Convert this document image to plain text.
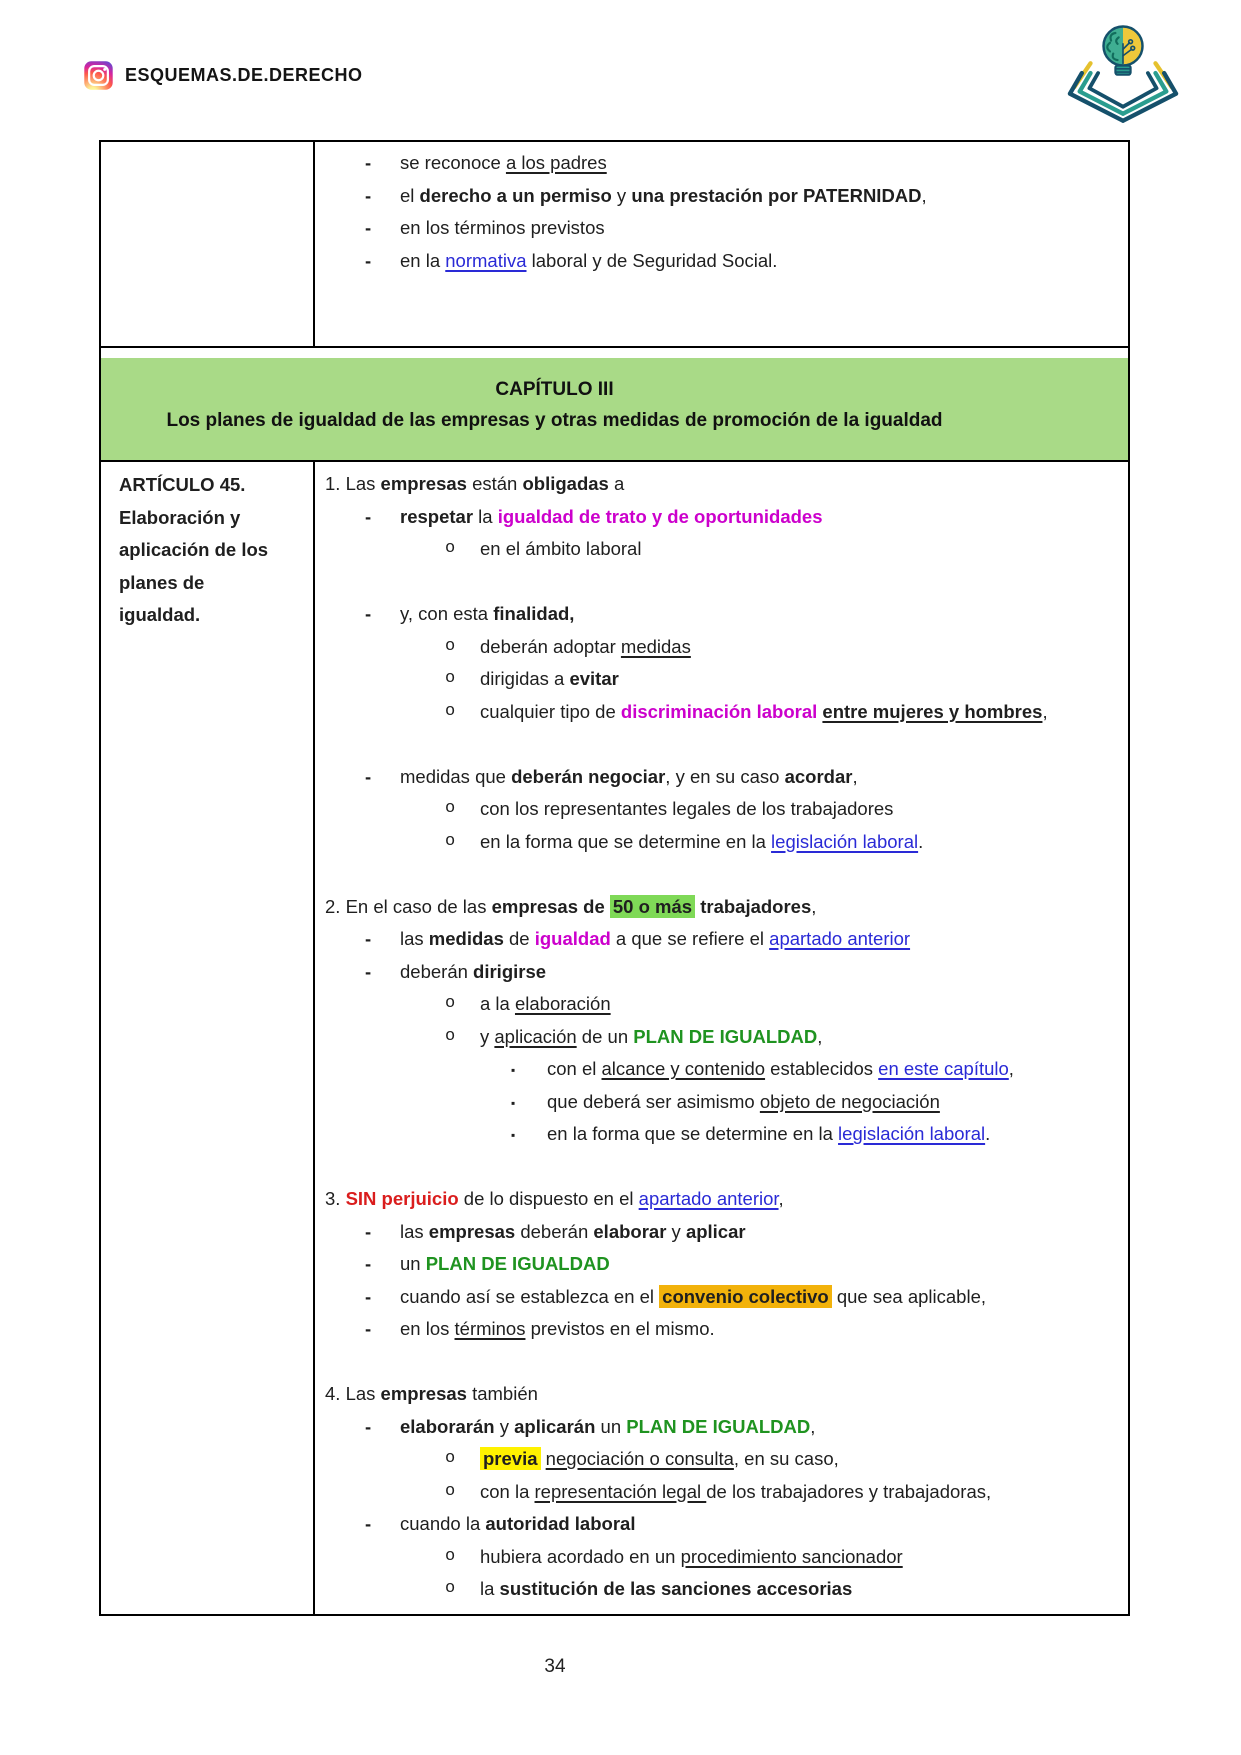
ESQUEMAS.DE.DERECHO
- se reconoce a los padres
- el derecho a un permiso y una prestación por PATERNIDAD,
- en los términos previstos
- en la normativa laboral y de Seguridad Social.
CAPÍTULO III
Los planes de igualdad de las empresas y otras medidas de promoción de la igualdad
ARTÍCULO 45.
Elaboración y
aplicación de los
planes de
igualdad.
1. Las empresas están obligadas a
- respetar la igualdad de trato y de oportunidades
o en el ámbito laboral
- y, con esta finalidad,
o deberán adoptar medidas
o dirigidas a evitar
o cualquier tipo de discriminación laboral entre mujeres y hombres,
- medidas que deberán negociar, y en su caso acordar,
o con los representantes legales de los trabajadores
o en la forma que se determine en la legislación laboral.
2. En el caso de las empresas de 50 o más trabajadores,
- las medidas de igualdad a que se refiere el apartado anterior
- deberán dirigirse
o a la elaboración
o y aplicación de un PLAN DE IGUALDAD,
▪ con el alcance y contenido establecidos en este capítulo,
▪ que deberá ser asimismo objeto de negociación
▪ en la forma que se determine en la legislación laboral.
3. SIN perjuicio de lo dispuesto en el apartado anterior,
- las empresas deberán elaborar y aplicar
- un PLAN DE IGUALDAD
- cuando así se establezca en el convenio colectivo que sea aplicable,
- en los términos previstos en el mismo.
4. Las empresas también
- elaborarán y aplicarán un PLAN DE IGUALDAD,
o previa negociación o consulta, en su caso,
o con la representación legal de los trabajadores y trabajadoras,
- cuando la autoridad laboral
o hubiera acordado en un procedimiento sancionador
o la sustitución de las sanciones accesorias
34
